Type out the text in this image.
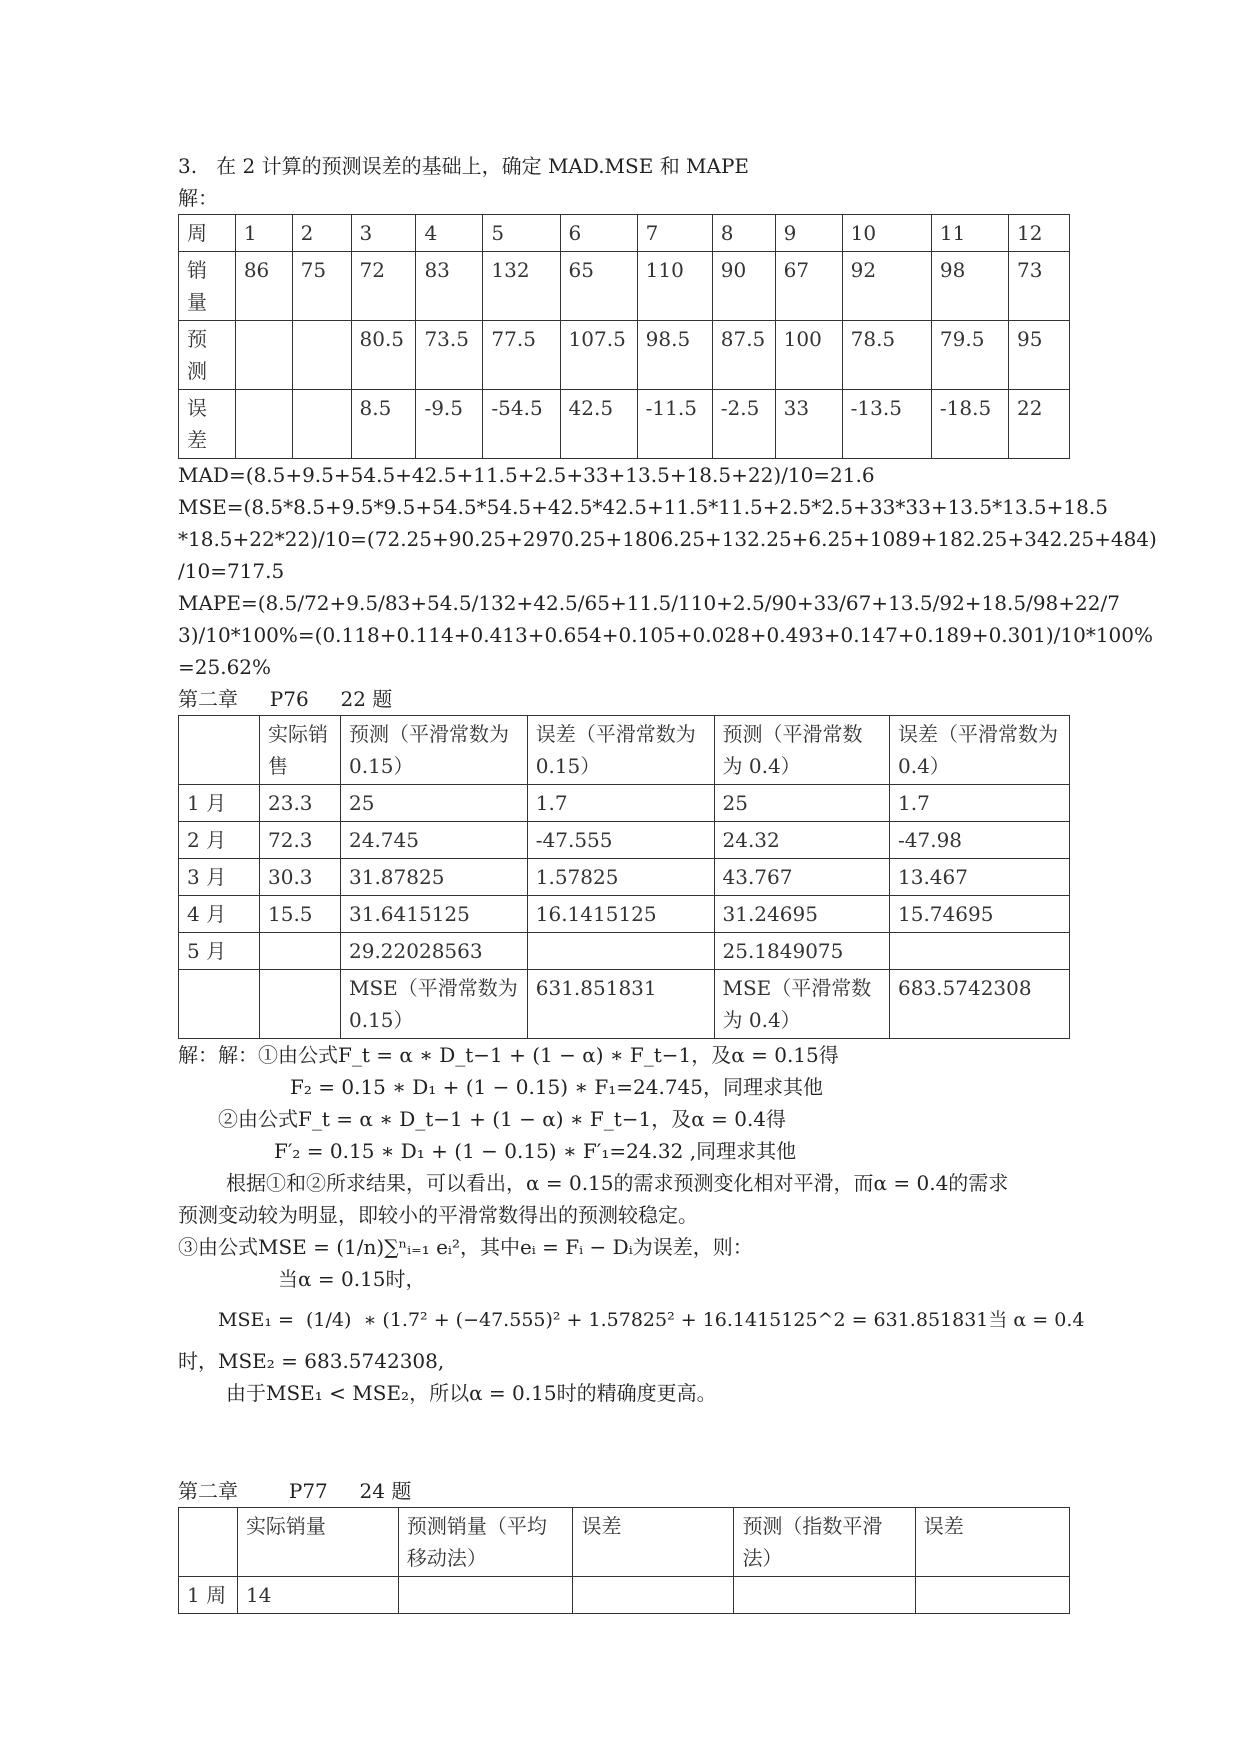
3.   在 2 计算的预测误差的基础上，确定 MAD.MSE 和 MAPE
解：
周	1	2	3	4	5	6	7	8	9	10	11	12
销量	86	75	72	83	132	65	110	90	67	92	98	73
预测			80.5	73.5	77.5	107.5	98.5	87.5	100	78.5	79.5	95
误差			8.5	-9.5	-54.5	42.5	-11.5	-2.5	33	-13.5	-18.5	22
MAD=(8.5+9.5+54.5+42.5+11.5+2.5+33+13.5+18.5+22)/10=21.6
MSE=(8.5*8.5+9.5*9.5+54.5*54.5+42.5*42.5+11.5*11.5+2.5*2.5+33*33+13.5*13.5+18.5
*18.5+22*22)/10=(72.25+90.25+2970.25+1806.25+132.25+6.25+1089+182.25+342.25+484)
/10=717.5
MAPE=(8.5/72+9.5/83+54.5/132+42.5/65+11.5/110+2.5/90+33/67+13.5/92+18.5/98+22/7
3)/10*100%=(0.118+0.114+0.413+0.654+0.105+0.028+0.493+0.147+0.189+0.301)/10*100%
=25.62%
第二章     P76     22 题
	实际销售	预测（平滑常数为 0.15）	误差（平滑常数为 0.15）	预测（平滑常数为 0.4）	误差（平滑常数为 0.4）
1 月	23.3	25	1.7	25	1.7
2 月	72.3	24.745	-47.555	24.32	-47.98
3 月	30.3	31.87825	1.57825	43.767	13.467
4 月	15.5	31.6415125	16.1415125	31.24695	15.74695
5 月		29.22028563		25.1849075	
		MSE（平滑常数为 0.15）	631.851831	MSE（平滑常数为 0.4）	683.5742308
解：解：①由公式F_t = α ∗ D_t−1 + (1 − α) ∗ F_t−1，及α = 0.15得
F₂ = 0.15 ∗ D₁ + (1 − 0.15) ∗ F₁=24.745，同理求其他
②由公式F_t = α ∗ D_t−1 + (1 − α) ∗ F_t−1，及α = 0.4得
F′₂ = 0.15 ∗ D₁ + (1 − 0.15) ∗ F′₁=24.32 ,同理求其他
根据①和②所求结果，可以看出，α = 0.15的需求预测变化相对平滑，而α = 0.4的需求
预测变动较为明显，即较小的平滑常数得出的预测较稳定。
③由公式MSE = (1/n)∑ⁿᵢ₌₁ eᵢ²，其中eᵢ = Fᵢ − Dᵢ为误差，则：
当α = 0.15时，
MSE₁ =  (1/4)  ∗ (1.7² + (−47.555)² + 1.57825² + 16.1415125^2 = 631.851831当 α = 0.4
时，MSE₂ = 683.5742308,
由于MSE₁ < MSE₂，所以α = 0.15时的精确度更高。
第二章        P77     24 题
	实际销量	预测销量（平均移动法）	误差	预测（指数平滑法）	误差
1 周	14				
